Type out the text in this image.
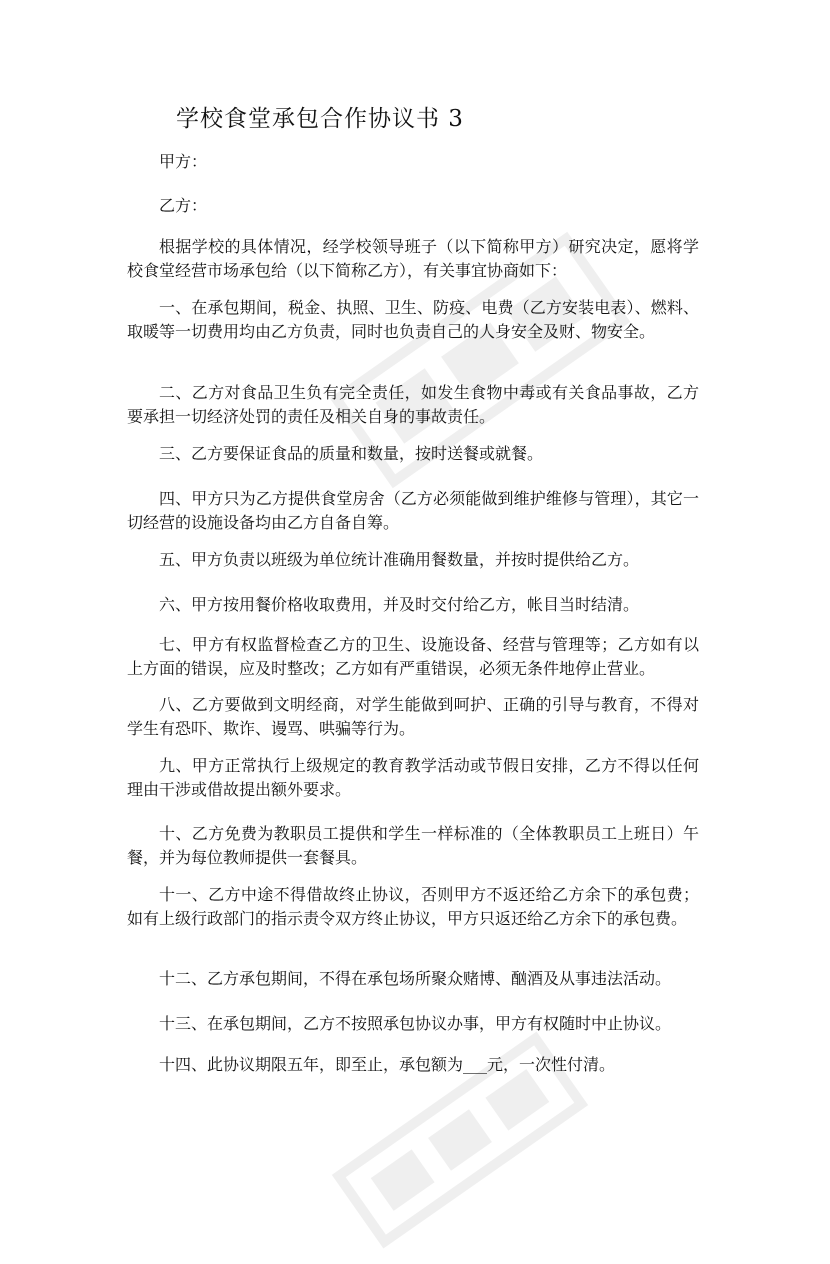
学校食堂承包合作协议书 3
甲方：
乙方：
根据学校的具体情况，经学校领导班子（以下简称甲方）研究决定，愿将学校食堂经营市场承包给（以下简称乙方），有关事宜协商如下：
一、在承包期间，税金、执照、卫生、防疫、电费（乙方安装电表）、燃料、取暖等一切费用均由乙方负责，同时也负责自己的人身安全及财、物安全。
二、乙方对食品卫生负有完全责任，如发生食物中毒或有关食品事故，乙方要承担一切经济处罚的责任及相关自身的事故责任。
三、乙方要保证食品的质量和数量，按时送餐或就餐。
四、甲方只为乙方提供食堂房舍（乙方必须能做到维护维修与管理），其它一切经营的设施设备均由乙方自备自筹。
五、甲方负责以班级为单位统计准确用餐数量，并按时提供给乙方。
六、甲方按用餐价格收取费用，并及时交付给乙方，帐目当时结清。
七、甲方有权监督检查乙方的卫生、设施设备、经营与管理等；乙方如有以上方面的错误，应及时整改；乙方如有严重错误，必须无条件地停止营业。
八、乙方要做到文明经商，对学生能做到呵护、正确的引导与教育，不得对学生有恐吓、欺诈、谩骂、哄骗等行为。
九、甲方正常执行上级规定的教育教学活动或节假日安排，乙方不得以任何理由干涉或借故提出额外要求。
十、乙方免费为教职员工提供和学生一样标准的（全体教职员工上班日）午餐，并为每位教师提供一套餐具。
十一、乙方中途不得借故终止协议，否则甲方不返还给乙方余下的承包费；如有上级行政部门的指示责令双方终止协议，甲方只返还给乙方余下的承包费。
十二、乙方承包期间，不得在承包场所聚众赌博、酗酒及从事违法活动。
十三、在承包期间，乙方不按照承包协议办事，甲方有权随时中止协议。
十四、此协议期限五年，即至止，承包额为___元，一次性付清。
